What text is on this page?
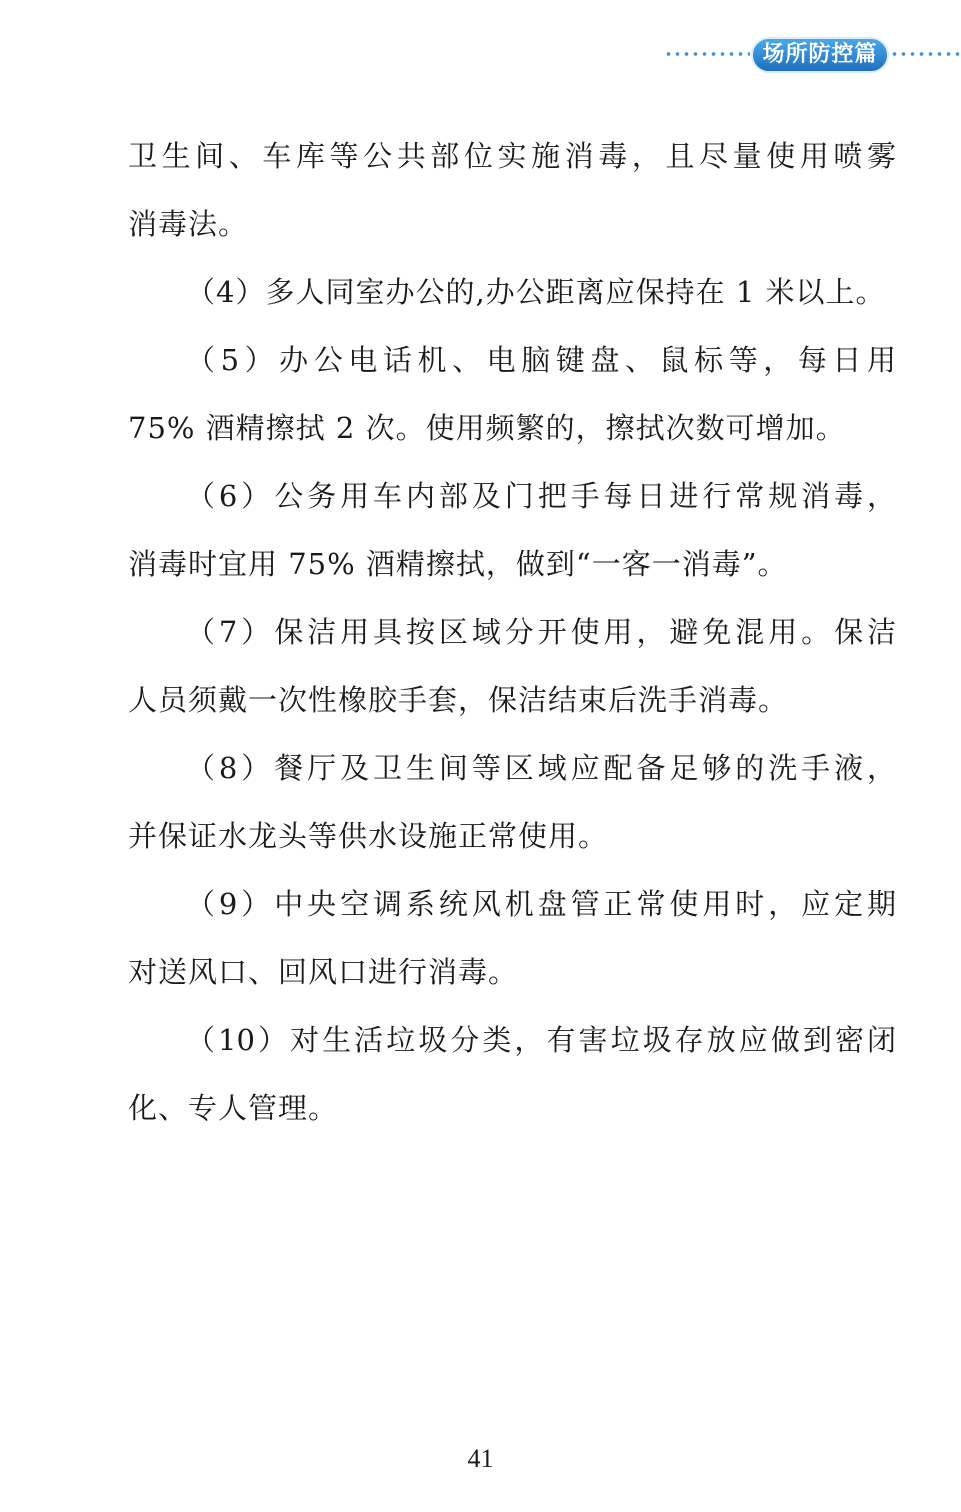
场所防控篇
卫生间、车库等公共部位实施消毒，且尽量使用喷雾
消毒法。
（4）多人同室办公的,办公距离应保持在 1 米以上。
（5）办公电话机、电脑键盘、鼠标等，每日用
75% 酒精擦拭 2 次。使用频繁的，擦拭次数可增加。
（6）公务用车内部及门把手每日进行常规消毒，
消毒时宜用 75% 酒精擦拭，做到“一客一消毒”。
（7）保洁用具按区域分开使用，避免混用。保洁
人员须戴一次性橡胶手套，保洁结束后洗手消毒。
（8）餐厅及卫生间等区域应配备足够的洗手液，
并保证水龙头等供水设施正常使用。
（9）中央空调系统风机盘管正常使用时，应定期
对送风口、回风口进行消毒。
（10）对生活垃圾分类，有害垃圾存放应做到密闭
化、专人管理。
41
